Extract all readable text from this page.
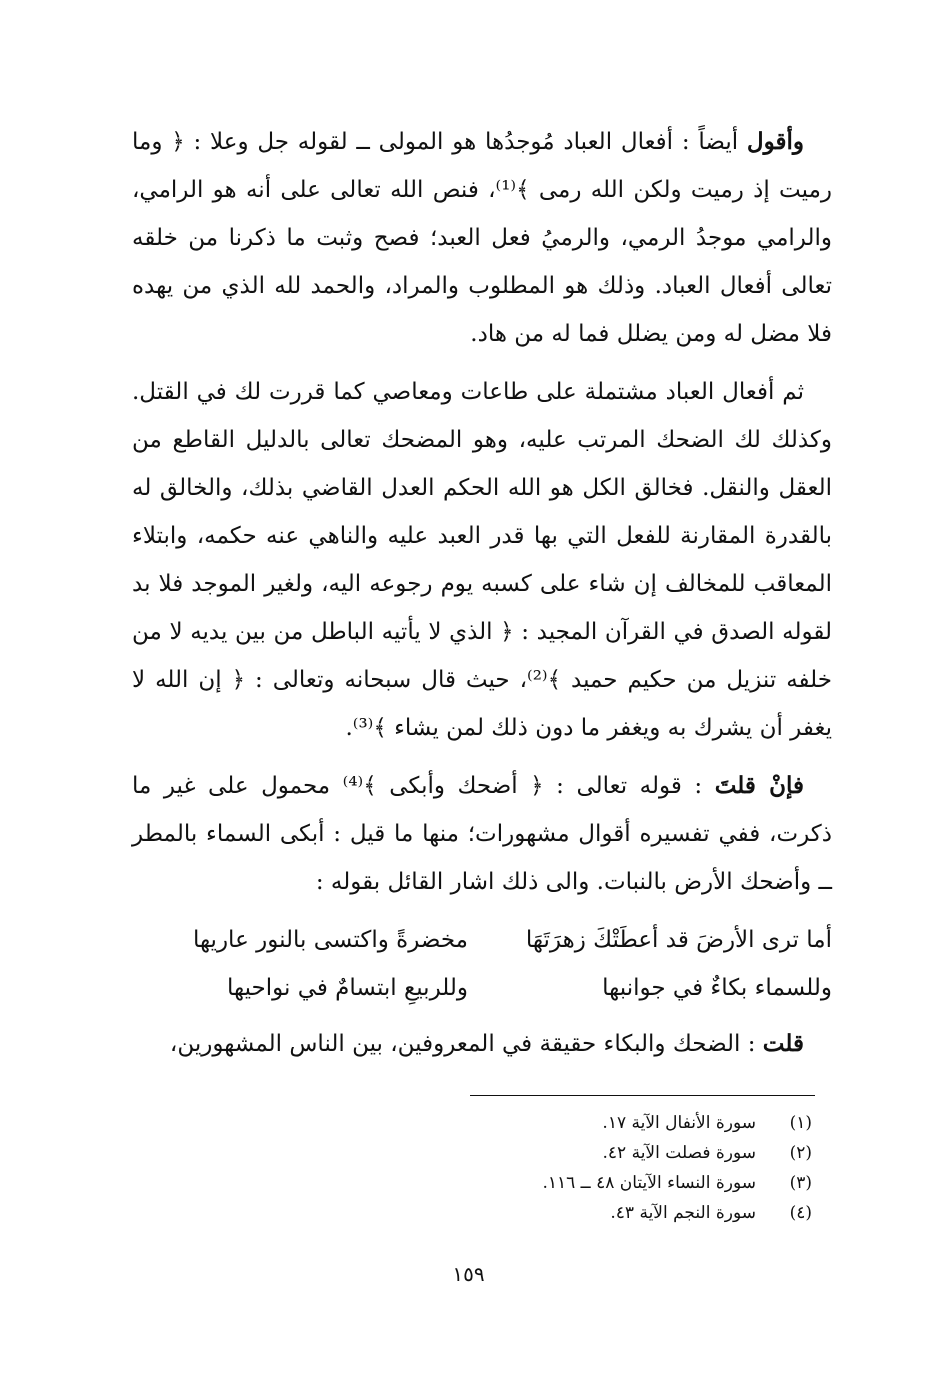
وأقول أيضاً : أفعال العباد مُوجدُها هو المولى ــ لقوله جل وعلا : ﴿ وما رميت إذ رميت ولكن الله رمى ﴾⁽¹⁾، فنص الله تعالى على أنه هو الرامي، والرامي موجدُ الرمي، والرميُ فعل العبد؛ فصح وثبت ما ذكرنا من خلقه تعالى أفعال العباد. وذلك هو المطلوب والمراد، والحمد لله الذي من يهده فلا مضل له ومن يضلل فما له من هاد.

ثم أفعال العباد مشتملة على طاعات ومعاصي كما قررت لك في القتل. وكذلك لك الضحك المرتب عليه، وهو المضحك تعالى بالدليل القاطع من العقل والنقل. فخالق الكل هو الله الحكم العدل القاضي بذلك، والخالق له بالقدرة المقارنة للفعل التي بها قدر العبد عليه والناهي عنه حكمه، وابتلاء المعاقب للمخالف إن شاء على كسبه يوم رجوعه اليه، ولغير الموجد فلا بد لقوله الصدق في القرآن المجيد : ﴿ الذي لا يأتيه الباطل من بين يديه لا من خلفه تنزيل من حكيم حميد ﴾⁽²⁾، حيث قال سبحانه وتعالى : ﴿ إن الله لا يغفر أن يشرك به ويغفر ما دون ذلك لمن يشاء ﴾⁽³⁾.

فإنْ قلتَ : قوله تعالى : ﴿ أضحك وأبكى ﴾⁽⁴⁾ محمول على غير ما ذكرت، ففي تفسيره أقوال مشهورات؛ منها ما قيل : أبكى السماء بالمطر ــ وأضحك الأرض بالنبات. والى ذلك اشار القائل بقوله :

أما ترى الأرضَ قد أعطَتْكَ زهرَتَهَا
مخضرةً واكتسى بالنور عاريها
وللسماء بكاءٌ في جوانبها
وللربيعِ ابتسامٌ في نواحيها

قلت : الضحك والبكاء حقيقة في المعروفين، بين الناس المشهورين،

(١)
سورة الأنفال الآية ١٧.
(٢)
سورة فصلت الآية ٤٢.
(٣)
سورة النساء الآيتان ٤٨ ــ ١١٦.
(٤)
سورة النجم الآية ٤٣.
١٥٩
